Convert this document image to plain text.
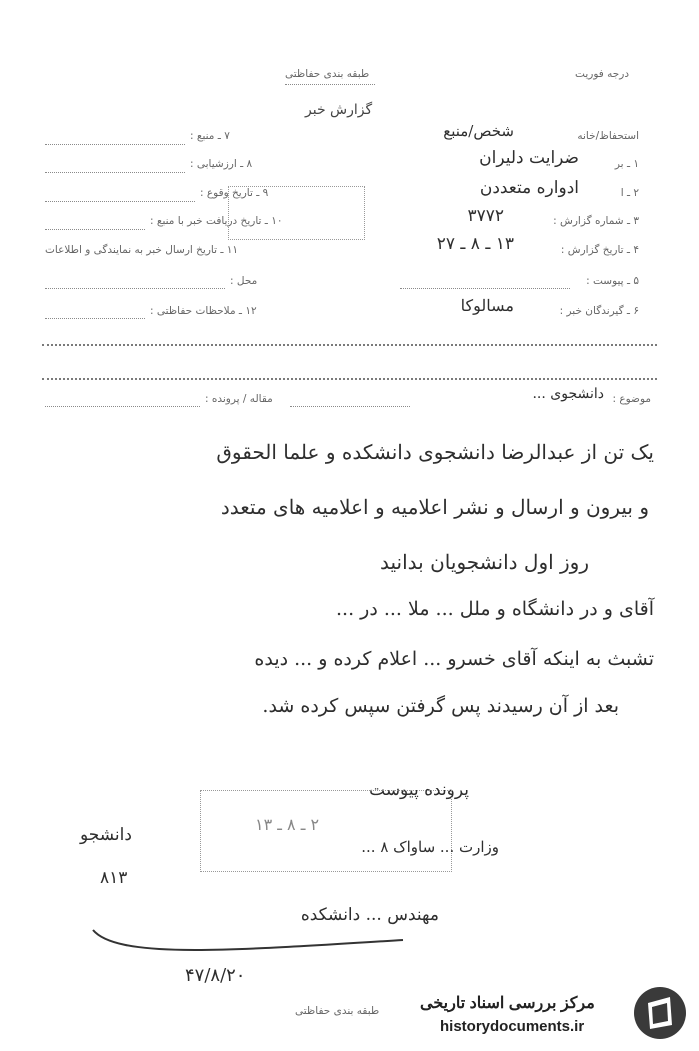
طبقه بندی حفاظتی	درجه فوریت
گزارش خبر
استحفاظ/خانه
شخص/منبع
۱ ـ بر
ضرایت دلیران
۲ ـ ا
ادواره متعددن
۳ ـ شماره گزارش :
۳۷۷۲
۴ ـ تاریخ گزارش :
۱۳ ـ ۸ ـ ۲۷
۵ ـ پیوست :
۶ ـ گیرندگان خبر :
مسالوکا
۷ ـ منبع :
۸ ـ ارزشیابی :
۹ ـ تاریخ وقوع :
۱۰ ـ تاریخ دریافت خبر با منبع :
۱۱ ـ تاریخ ارسال خبر به نمایندگی و اطلاعات
محل :
۱۲ ـ ملاحظات حفاظتی :
موضوع :
دانشجوی ...
مقاله / پرونده :
یک تن از عبدالرضا دانشجوی دانشکده و علما الحقوق
و بیرون و ارسال و نشر اعلامیه و اعلامیه های متعدد
روز اول دانشجویان بدانید
آقای و در دانشگاه و ملل ... ملا ... در ...
تشبث به اینکه آقای خسرو ... اعلام کرده و ... دیده
بعد از آن رسیدند پس گرفتن سپس کرده شد.
پرونده پیوست
۲ ـ ۸ ـ ۱۳
دانشجو
۸۱۳
وزارت ... ساواک ۸ ...
مهندس ... دانشکده
۴۷/۸/۲۰
طبقه بندی حفاظتی	مرکز بررسی اسناد تاریخی
historydocuments.ir
